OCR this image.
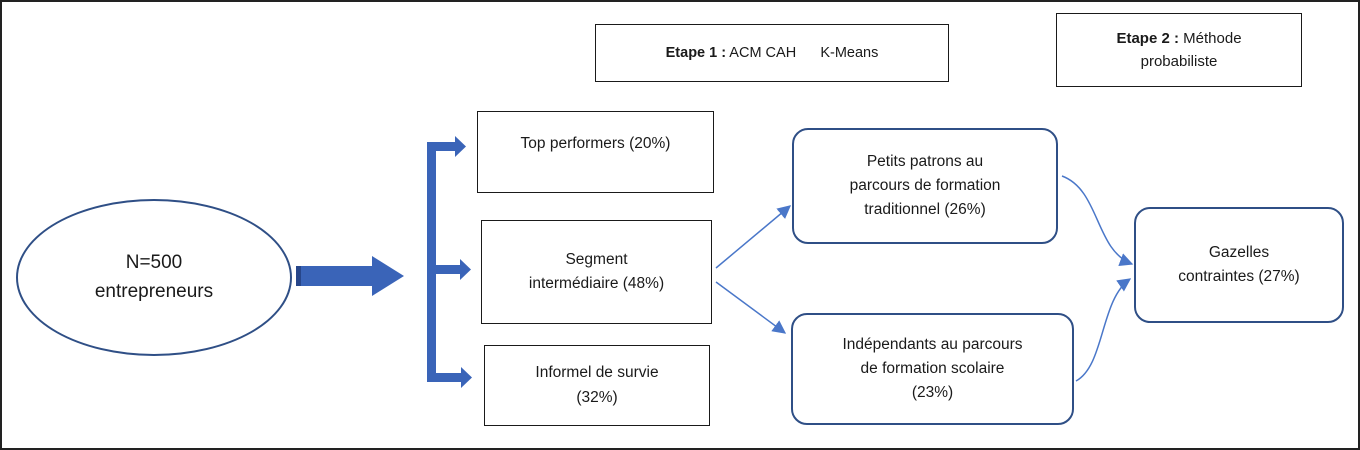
Etape 1 : ACM CAH      K-Means
Etape 2 : Méthode
probabiliste
N=500
entrepreneurs
Top performers (20%)
Segment
intermédiaire (48%)
Informel de survie
(32%)
Petits patrons au
parcours de formation
traditionnel (26%)
Indépendants au parcours
de formation scolaire
(23%)
Gazelles
contraintes (27%)
